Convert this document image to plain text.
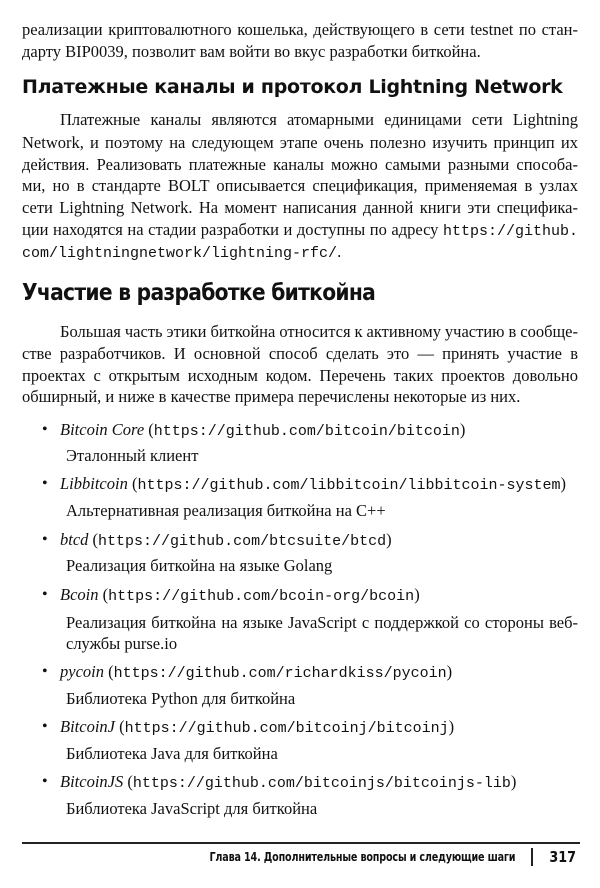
реализации криптовалютного кошелька, действующего в сети testnet по стан-
дарту BIP0039, позволит вам войти во вкус разработки биткойна.
Платежные каналы и протокол Lightning Network
Платежные каналы являются атомарными единицами сети Lightning
Network, и поэтому на следующем этапе очень полезно изучить принцип их
действия. Реализовать платежные каналы можно самыми разными способа-
ми, но в стандарте BOLT описывается спецификация, применяемая в узлах
сети Lightning Network. На момент написания данной книги эти специфика-
ции находятся на стадии разработки и доступны по адресу https://github.
com/lightningnetwork/lightning-rfc/.
Участие в разработке биткойна
Большая часть этики биткойна относится к активному участию в сообще-
стве разработчиков. И основной способ сделать это — принять участие в
проектах с открытым исходным кодом. Перечень таких проектов довольно
обширный, и ниже в качестве примера перечислены некоторые из них.
• Bitcoin Core (https://github.com/bitcoin/bitcoin)
Эталонный клиент
• Libbitcoin (https://github.com/libbitcoin/libbitcoin-system)
Альтернативная реализация биткойна на C++
• btcd (https://github.com/btcsuite/btcd)
Реализация биткойна на языке Golang
• Bcoin (https://github.com/bcoin-org/bcoin)
Реализация биткойна на языке JavaScript с поддержкой со стороны веб-
службы purse.io
• pycoin (https://github.com/richardkiss/pycoin)
Библиотека Python для биткойна
• BitcoinJ (https://github.com/bitcoinj/bitcoinj)
Библиотека Java для биткойна
• BitcoinJS (https://github.com/bitcoinjs/bitcoinjs-lib)
Библиотека JavaScript для биткойна
Глава 14. Дополнительные вопросы и следующие шаги 317
